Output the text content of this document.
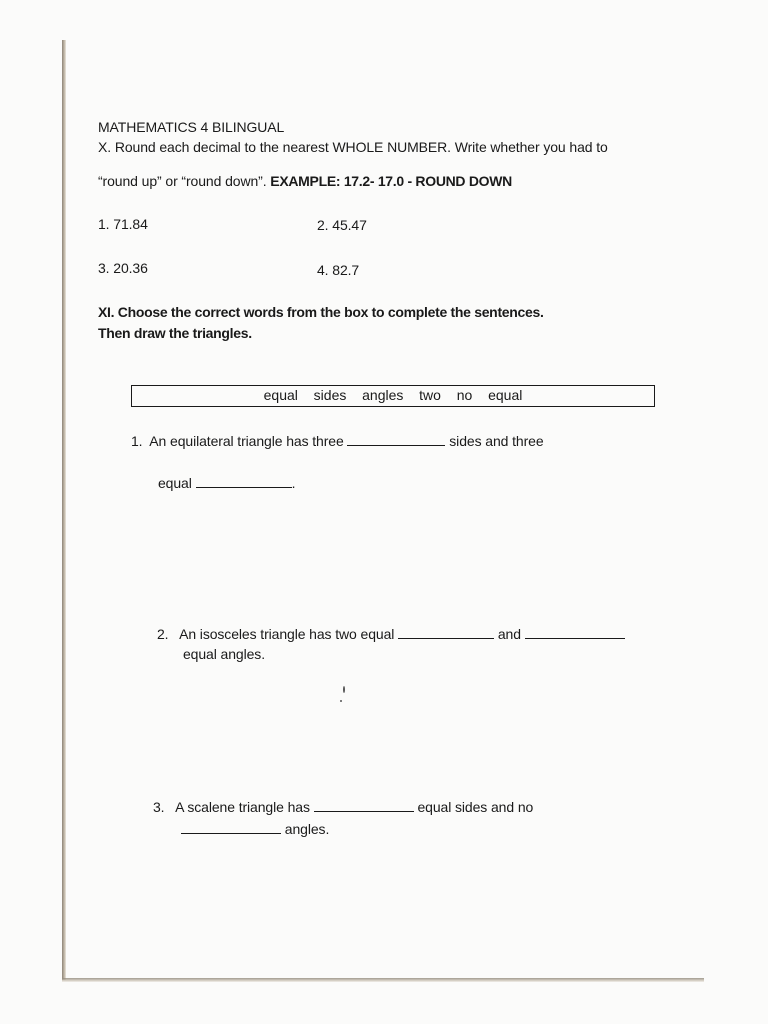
MATHEMATICS 4 BILINGUAL
X. Round each decimal to the nearest WHOLE NUMBER. Write whether you had to
“round up” or “round down”. EXAMPLE: 17.2- 17.0 - ROUND DOWN
1. 71.84	2. 45.47
3. 20.36	4. 82.7
XI. Choose the correct words from the box to complete the sentences.
Then draw the triangles.
equal  sides  angles  two  no  equal
1. An equilateral triangle has three	sides and three
equal	.
2. An isosceles triangle has two equal	and
equal angles.
3. A scalene triangle has	equal sides and no
angles.
